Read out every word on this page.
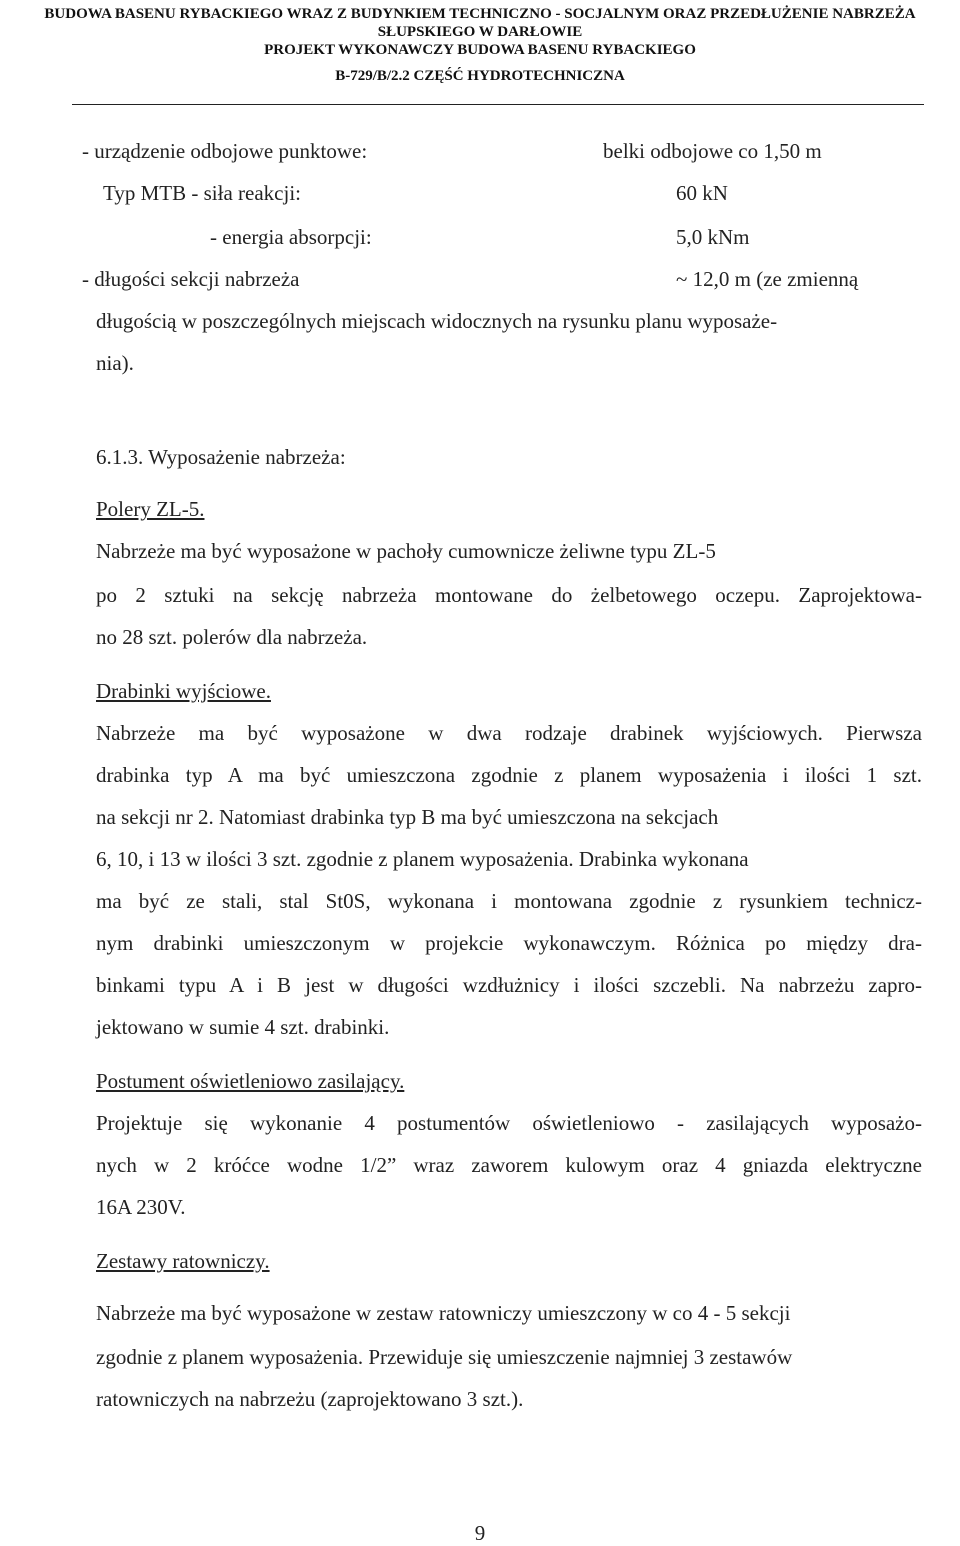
BUDOWA BASENU RYBACKIEGO WRAZ Z BUDYNKIEM TECHNICZNO - SOCJALNYM ORAZ PRZEDŁUŻENIE NABRZEŻA
SŁUPSKIEGO W DARŁOWIE
PROJEKT WYKONAWCZY BUDOWA BASENU RYBACKIEGO
B-729/B/2.2 CZĘŚĆ HYDROTECHNICZNA
- urządzenie odbojowe punktowe:	belki odbojowe co 1,50 m
Typ MTB - siła reakcji:	60 kN
- energia absorpcji:	5,0 kNm
- długości sekcji nabrzeża	~ 12,0 m (ze zmienną
długością w poszczególnych miejscach widocznych na rysunku planu wyposaże-
nia).
6.1.3. Wyposażenie nabrzeża:
Polery ZL-5.
Nabrzeże ma być wyposażone w pachoły cumownicze żeliwne typu ZL-5
po 2 sztuki na sekcję nabrzeża montowane do żelbetowego oczepu. Zaprojektowa-
no 28 szt. polerów dla nabrzeża.
Drabinki wyjściowe.
Nabrzeże ma być wyposażone w dwa rodzaje drabinek wyjściowych. Pierwsza
drabinka typ A ma być umieszczona zgodnie z planem wyposażenia i ilości 1 szt.
na sekcji nr 2. Natomiast drabinka typ B ma być umieszczona na sekcjach
6, 10, i 13 w ilości 3 szt. zgodnie z planem wyposażenia. Drabinka wykonana
ma być ze stali, stal St0S, wykonana i montowana zgodnie z rysunkiem technicz-
nym drabinki umieszczonym w projekcie wykonawczym. Różnica po między dra-
binkami typu A i B jest w długości wzdłużnicy i ilości szczebli. Na nabrzeżu zapro-
jektowano w sumie 4 szt. drabinki.
Postument oświetleniowo zasilający.
Projektuje się wykonanie 4 postumentów oświetleniowo - zasilających wyposażo-
nych w 2 króćce wodne 1/2” wraz zaworem kulowym oraz 4 gniazda elektryczne
16A 230V.
Zestawy ratowniczy.
Nabrzeże ma być wyposażone w zestaw ratowniczy umieszczony w co 4 - 5 sekcji
zgodnie z planem wyposażenia. Przewiduje się umieszczenie najmniej 3 zestawów
ratowniczych na nabrzeżu (zaprojektowano 3 szt.).
9
